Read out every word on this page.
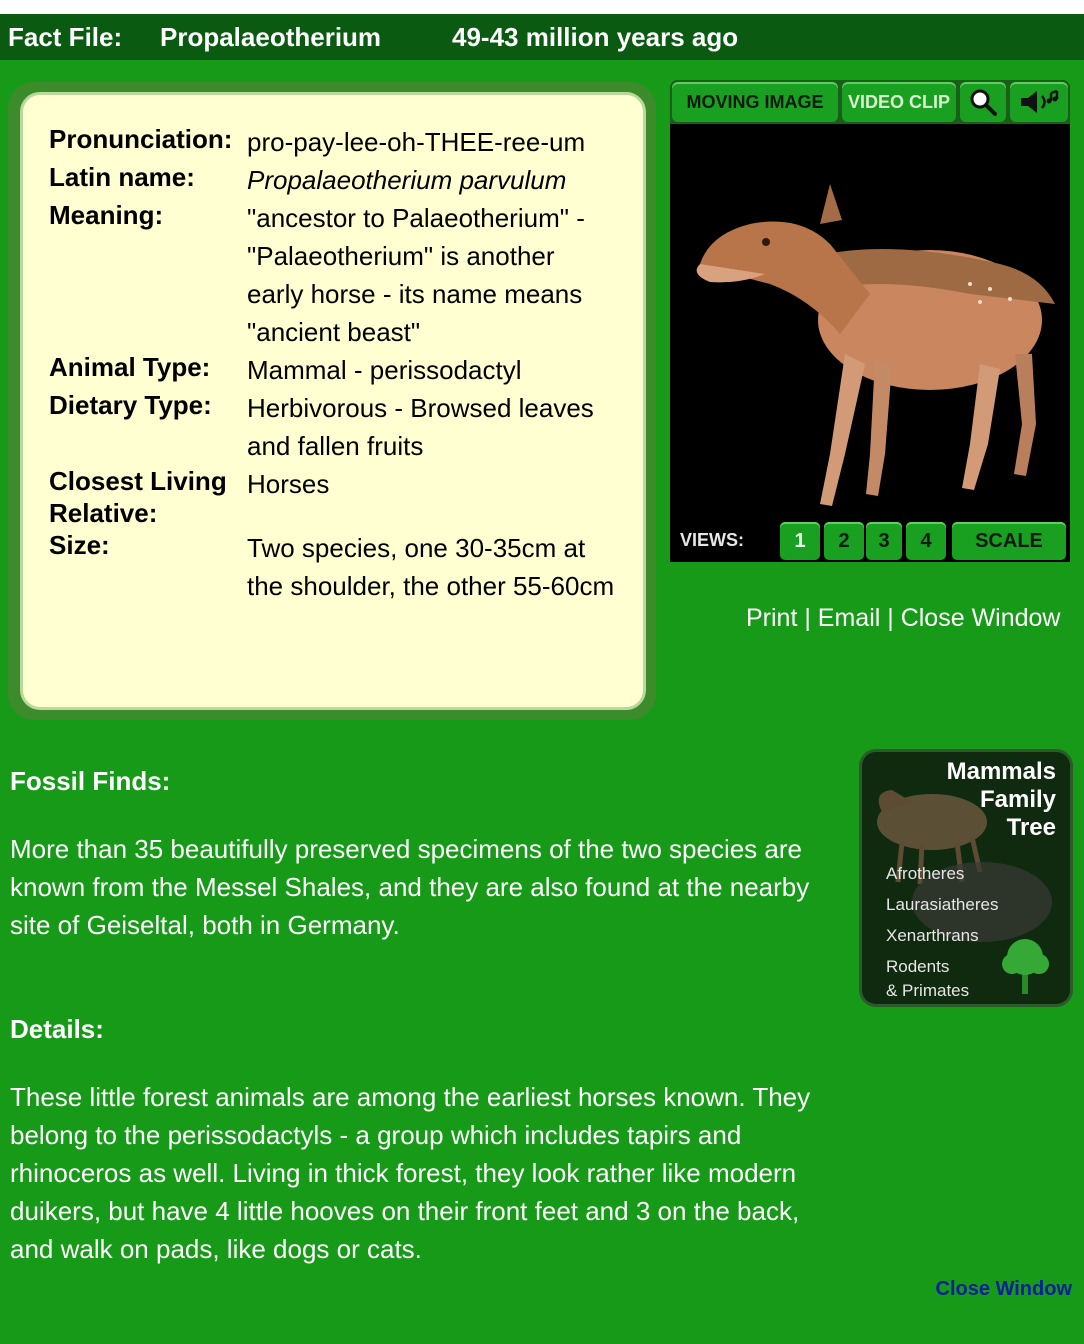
Fact File: Propalaeotherium	49-43 million years ago
Pronunciation: pro-pay-lee-oh-THEE-ree-um
Latin name:	Propalaeotherium parvulum
Meaning:	"ancestor to Palaeotherium" - "Palaeotherium" is another early horse - its name means "ancient beast"
Animal Type:	Mammal - perissodactyl
Dietary Type:	Herbivorous - Browsed leaves and fallen fruits
Closest Living Relative:
Horses
Size:	Two species, one 30-35cm at the shoulder, the other 55-60cm
MOVING IMAGE	VIDEO CLIP
VIEWS:	1	2	3	4	SCALE
Print | Email | Close Window
Fossil Finds:
More than 35 beautifully preserved specimens of the two species are known from the Messel Shales, and they are also found at the nearby site of Geiseltal, both in Germany.
Details:
These little forest animals are among the earliest horses known. They belong to the perissodactyls - a group which includes tapirs and rhinoceros as well. Living in thick forest, they look rather like modern duikers, but have 4 little hooves on their front feet and 3 on the back, and walk on pads, like dogs or cats.
Mammals
Family
Tree
Afrotheres
Laurasiatheres
Xenarthrans
Rodents
& Primates
Close Window
